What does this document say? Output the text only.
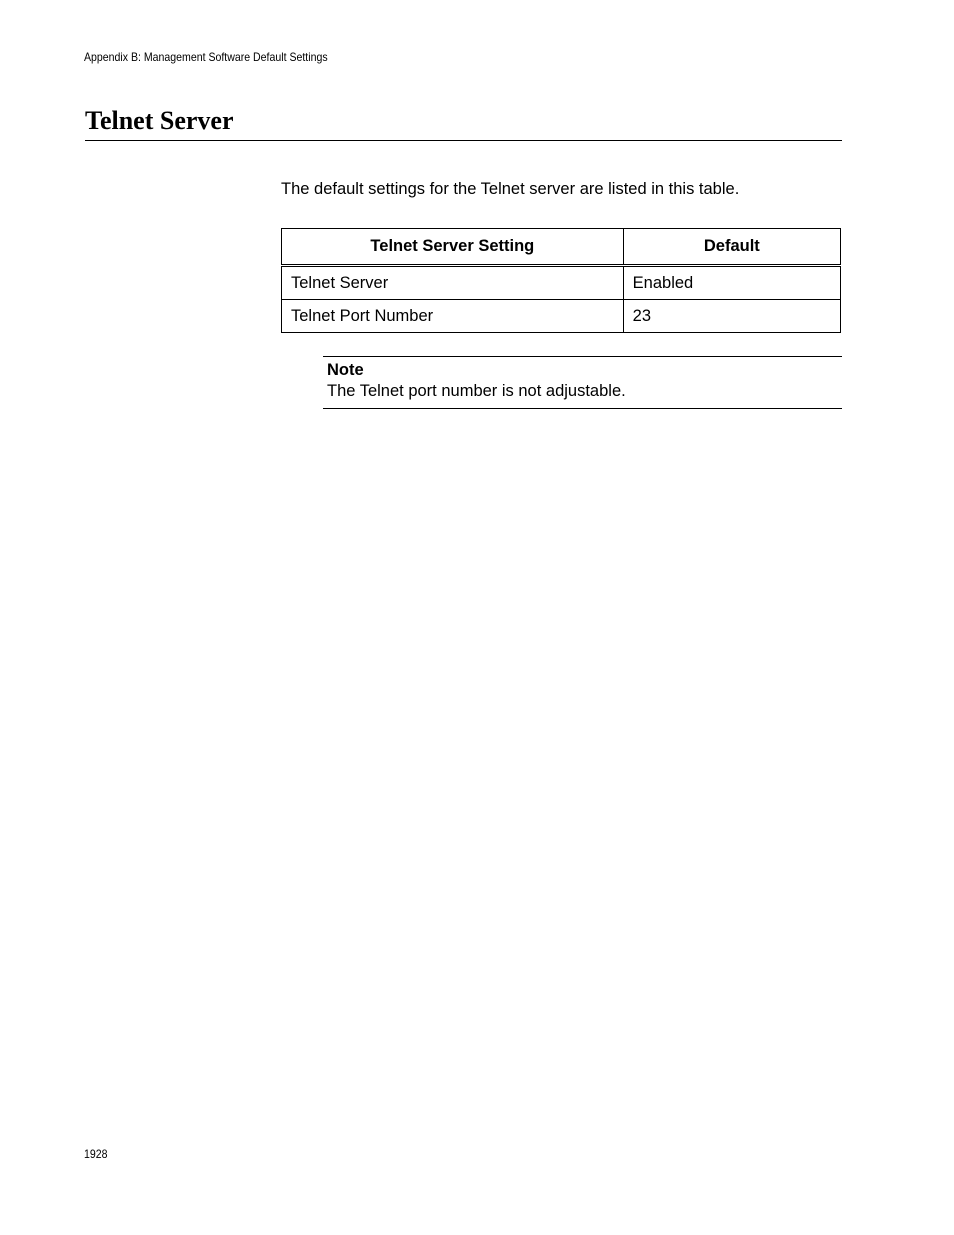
Appendix B: Management Software Default Settings
Telnet Server

The default settings for the Telnet server are listed in this table.

Telnet Server Setting	Default
Telnet Server	Enabled
Telnet Port Number	23
Note
The Telnet port number is not adjustable.
1928
